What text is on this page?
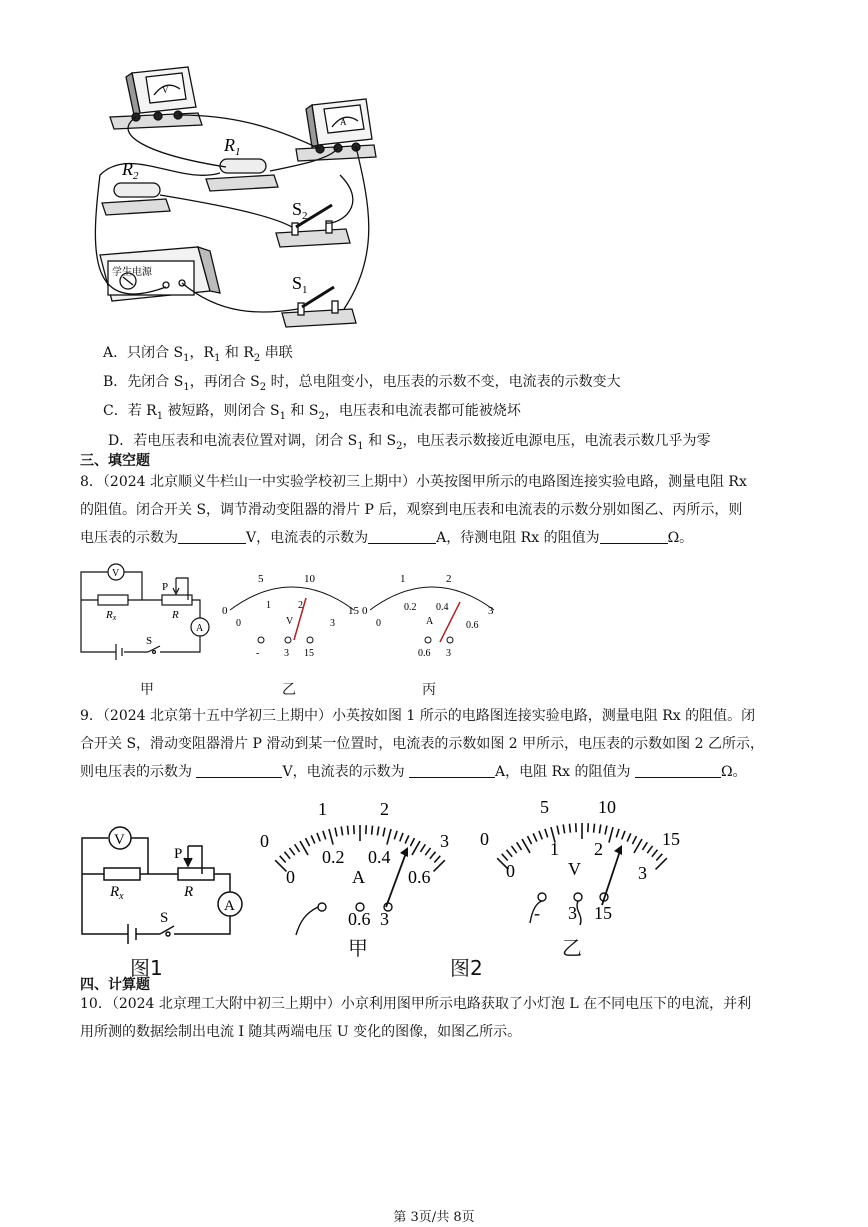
$R_1$
$R_2$
$S_2$
$S_1$
学生电源
V
A
A．只闭合 $S_1$，$R_1$ 和 $R_2$ 串联
B．先闭合 $S_1$，再闭合 $S_2$ 时，总电阻变小，电压表的示数不变，电流表的示数变大
C．若 $R_1$ 被短路，则闭合 $S_1$ 和 $S_2$，电压表和电流表都可能被烧坏
D．若电压表和电流表位置对调，闭合 $S_1$ 和 $S_2$，电压表示数接近电源电压，电流表示数几乎为零
三、填空题
8．（2024 北京顺义牛栏山一中实验学校初三上期中）小英按图甲所示的电路图连接实验电路，测量电阻 Rx
的阻值。闭合开关 S，调节滑动变阻器的滑片 P 后，观察到电压表和电流表的示数分别如图乙、丙所示，则
电压表的示数为	V，电流表的示数为	A，待测电阻 Rx 的阻值为	Ω。
V
A
P
Rx	R
S
0
5	10
15
0
1	2
3
V
- 3 15
0
1	2
3
0
0.2 0.4
0.6
A
0.6 3
甲	乙	丙
9．（2024 北京第十五中学初三上期中）小英按如图 1 所示的电路图连接实验电路，测量电阻 Rx 的阻值。闭
合开关 S，滑动变阻器滑片 P 滑动到某一位置时，电流表的示数如图 2 甲所示，电压表的示数如图 2 乙所示，
则电压表的示数为	V，电流表的示数为	A，电阻 Rx 的阻值为	Ω。
V
A
P
$R_x$	R
S
0
1	2
3
0
0.2 0.4
0.6
A
0.6 3
0
5	10
15
0
1 2
3
V
- 3 15
图1
甲
图2
乙
四、计算题
10．（2024 北京理工大附中初三上期中）小京利用图甲所示电路获取了小灯泡 L 在不同电压下的电流，并利
用所测的数据绘制出电流 I 随其两端电压 U 变化的图像，如图乙所示。
第 3页/共 8页
